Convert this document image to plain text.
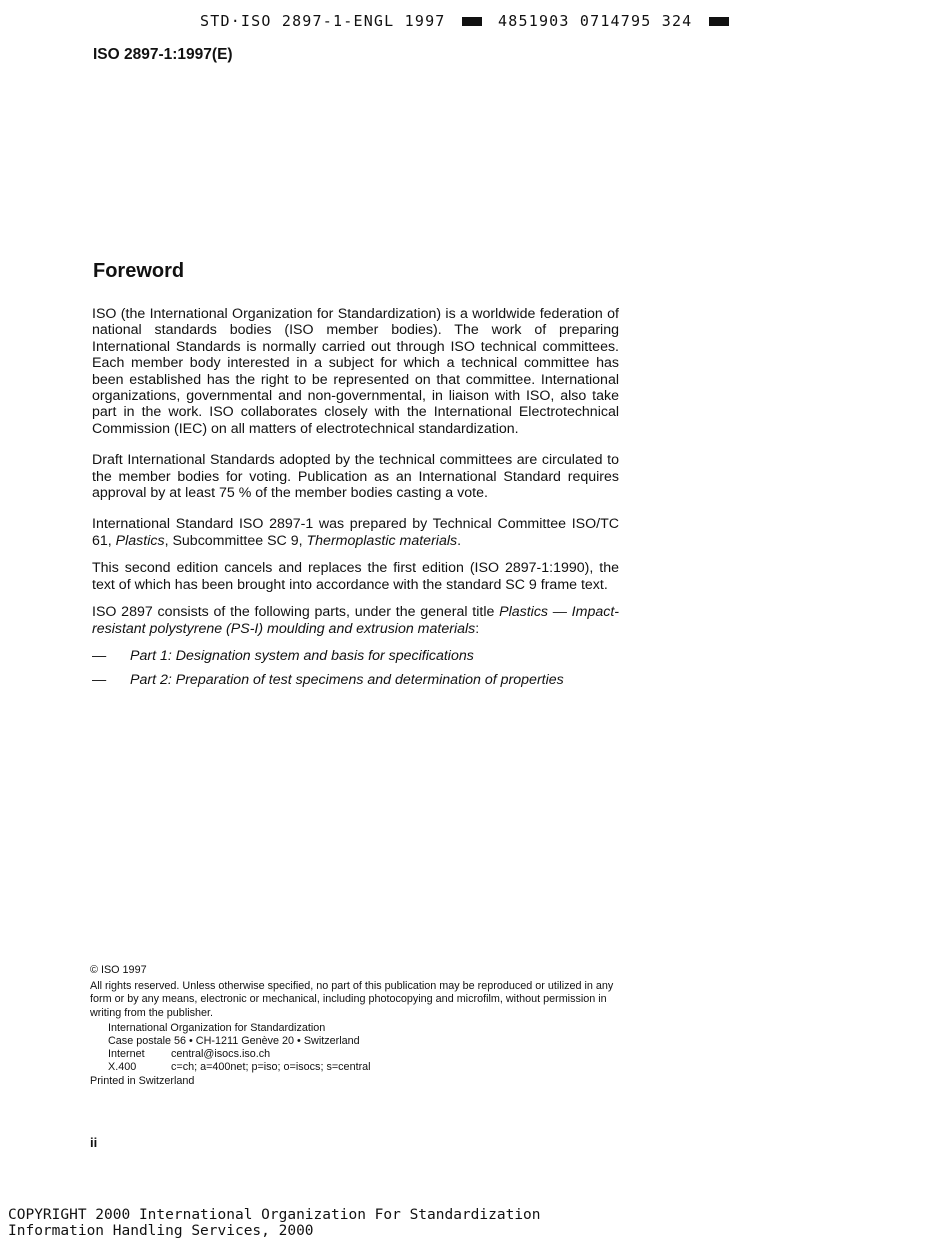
STD·ISO 2897-1-ENGL 1997	4851903 0714795 324
ISO 2897-1:1997(E)
Foreword

ISO (the International Organization for Standardization) is a worldwide federation of national standards bodies (ISO member bodies). The work of preparing International Standards is normally carried out through ISO technical committees. Each member body interested in a subject for which a technical committee has been established has the right to be represented on that committee. International organizations, governmental and non-governmental, in liaison with ISO, also take part in the work. ISO collaborates closely with the International Electrotechnical Commission (IEC) on all matters of electrotechnical standardization.

Draft International Standards adopted by the technical committees are circulated to the member bodies for voting. Publication as an International Standard requires approval by at least 75 % of the member bodies casting a vote.

International Standard ISO 2897-1 was prepared by Technical Committee ISO/TC 61, Plastics, Subcommittee SC 9, Thermoplastic materials.

This second edition cancels and replaces the first edition (ISO 2897-1:1990), the text of which has been brought into accordance with the standard SC 9 frame text.

ISO 2897 consists of the following parts, under the general title Plastics — Impact-resistant polystyrene (PS-I) moulding and extrusion materials:

—	Part 1: Designation system and basis for specifications
—	Part 2: Preparation of test specimens and determination of properties
© ISO 1997
All rights reserved. Unless otherwise specified, no part of this publication may be reproduced or utilized in any form or by any means, electronic or mechanical, including photocopying and microfilm, without permission in writing from the publisher.
International Organization for Standardization
Case postale 56 • CH-1211 Genève 20 • Switzerland
Internet	central@isocs.iso.ch
X.400	c=ch; a=400net; p=iso; o=isocs; s=central
Printed in Switzerland
ii
COPYRIGHT 2000 International Organization For Standardization
Information Handling Services, 2000
